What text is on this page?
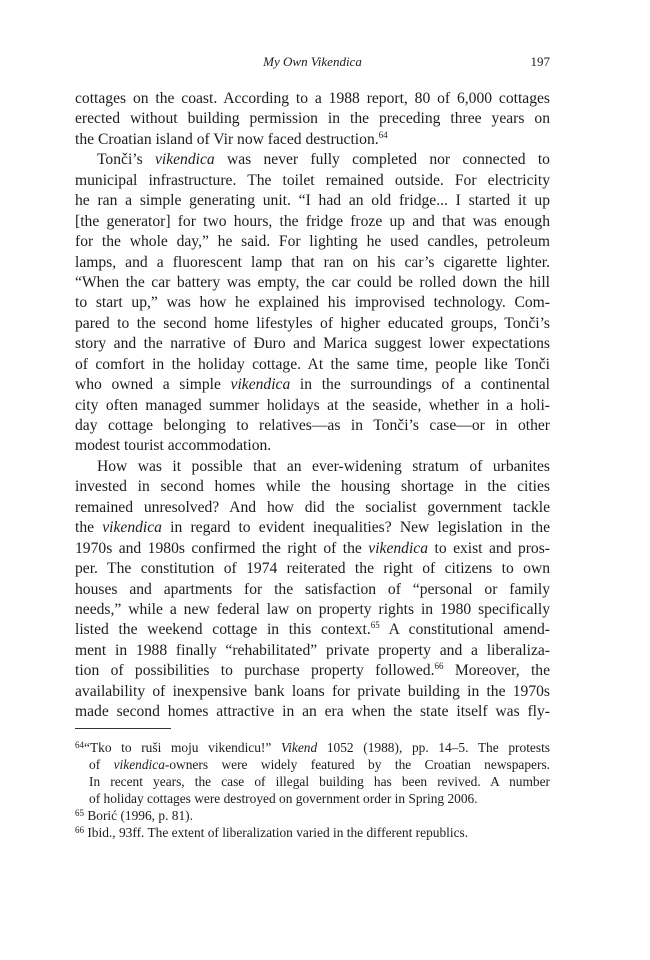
My Own Vikendica	197
cottages on the coast. According to a 1988 report, 80 of 6,000 cottages
erected without building permission in the preceding three years on
the Croatian island of Vir now faced destruction.$^{64}$
Tonči’s vikendica was never fully completed nor connected to
municipal infrastructure. The toilet remained outside. For electricity
he ran a simple generating unit. “I had an old fridge... I started it up
[the generator] for two hours, the fridge froze up and that was enough
for the whole day,” he said. For lighting he used candles, petroleum
lamps, and a fluorescent lamp that ran on his car’s cigarette lighter.
“When the car battery was empty, the car could be rolled down the hill
to start up,” was how he explained his improvised technology. Com-
pared to the second home lifestyles of higher educated groups, Tonči’s
story and the narrative of Đuro and Marica suggest lower expectations
of comfort in the holiday cottage. At the same time, people like Tonči
who owned a simple vikendica in the surroundings of a continental
city often managed summer holidays at the seaside, whether in a holi-
day cottage belonging to relatives—as in Tonči’s case—or in other
modest tourist accommodation.
How was it possible that an ever-widening stratum of urbanites
invested in second homes while the housing shortage in the cities
remained unresolved? And how did the socialist government tackle
the vikendica in regard to evident inequalities? New legislation in the
1970s and 1980s confirmed the right of the vikendica to exist and pros-
per. The constitution of 1974 reiterated the right of citizens to own
houses and apartments for the satisfaction of “personal or family
needs,” while a new federal law on property rights in 1980 specifically
listed the weekend cottage in this context.$^{65}$ A constitutional amend-
ment in 1988 finally “rehabilitated” private property and a liberaliza-
tion of possibilities to purchase property followed.$^{66}$ Moreover, the
availability of inexpensive bank loans for private building in the 1970s
made second homes attractive in an era when the state itself was fly-
$^{64}$“Tko to ruši moju vikendicu!” Vikend 1052 (1988), pp. 14–5. The protests
of vikendica-owners were widely featured by the Croatian newspapers.
In recent years, the case of illegal building has been revived. A number
of holiday cottages were destroyed on government order in Spring 2006.
$^{65}$ Borić (1996, p. 81).
$^{66}$ Ibid., 93ff. The extent of liberalization varied in the different republics.
